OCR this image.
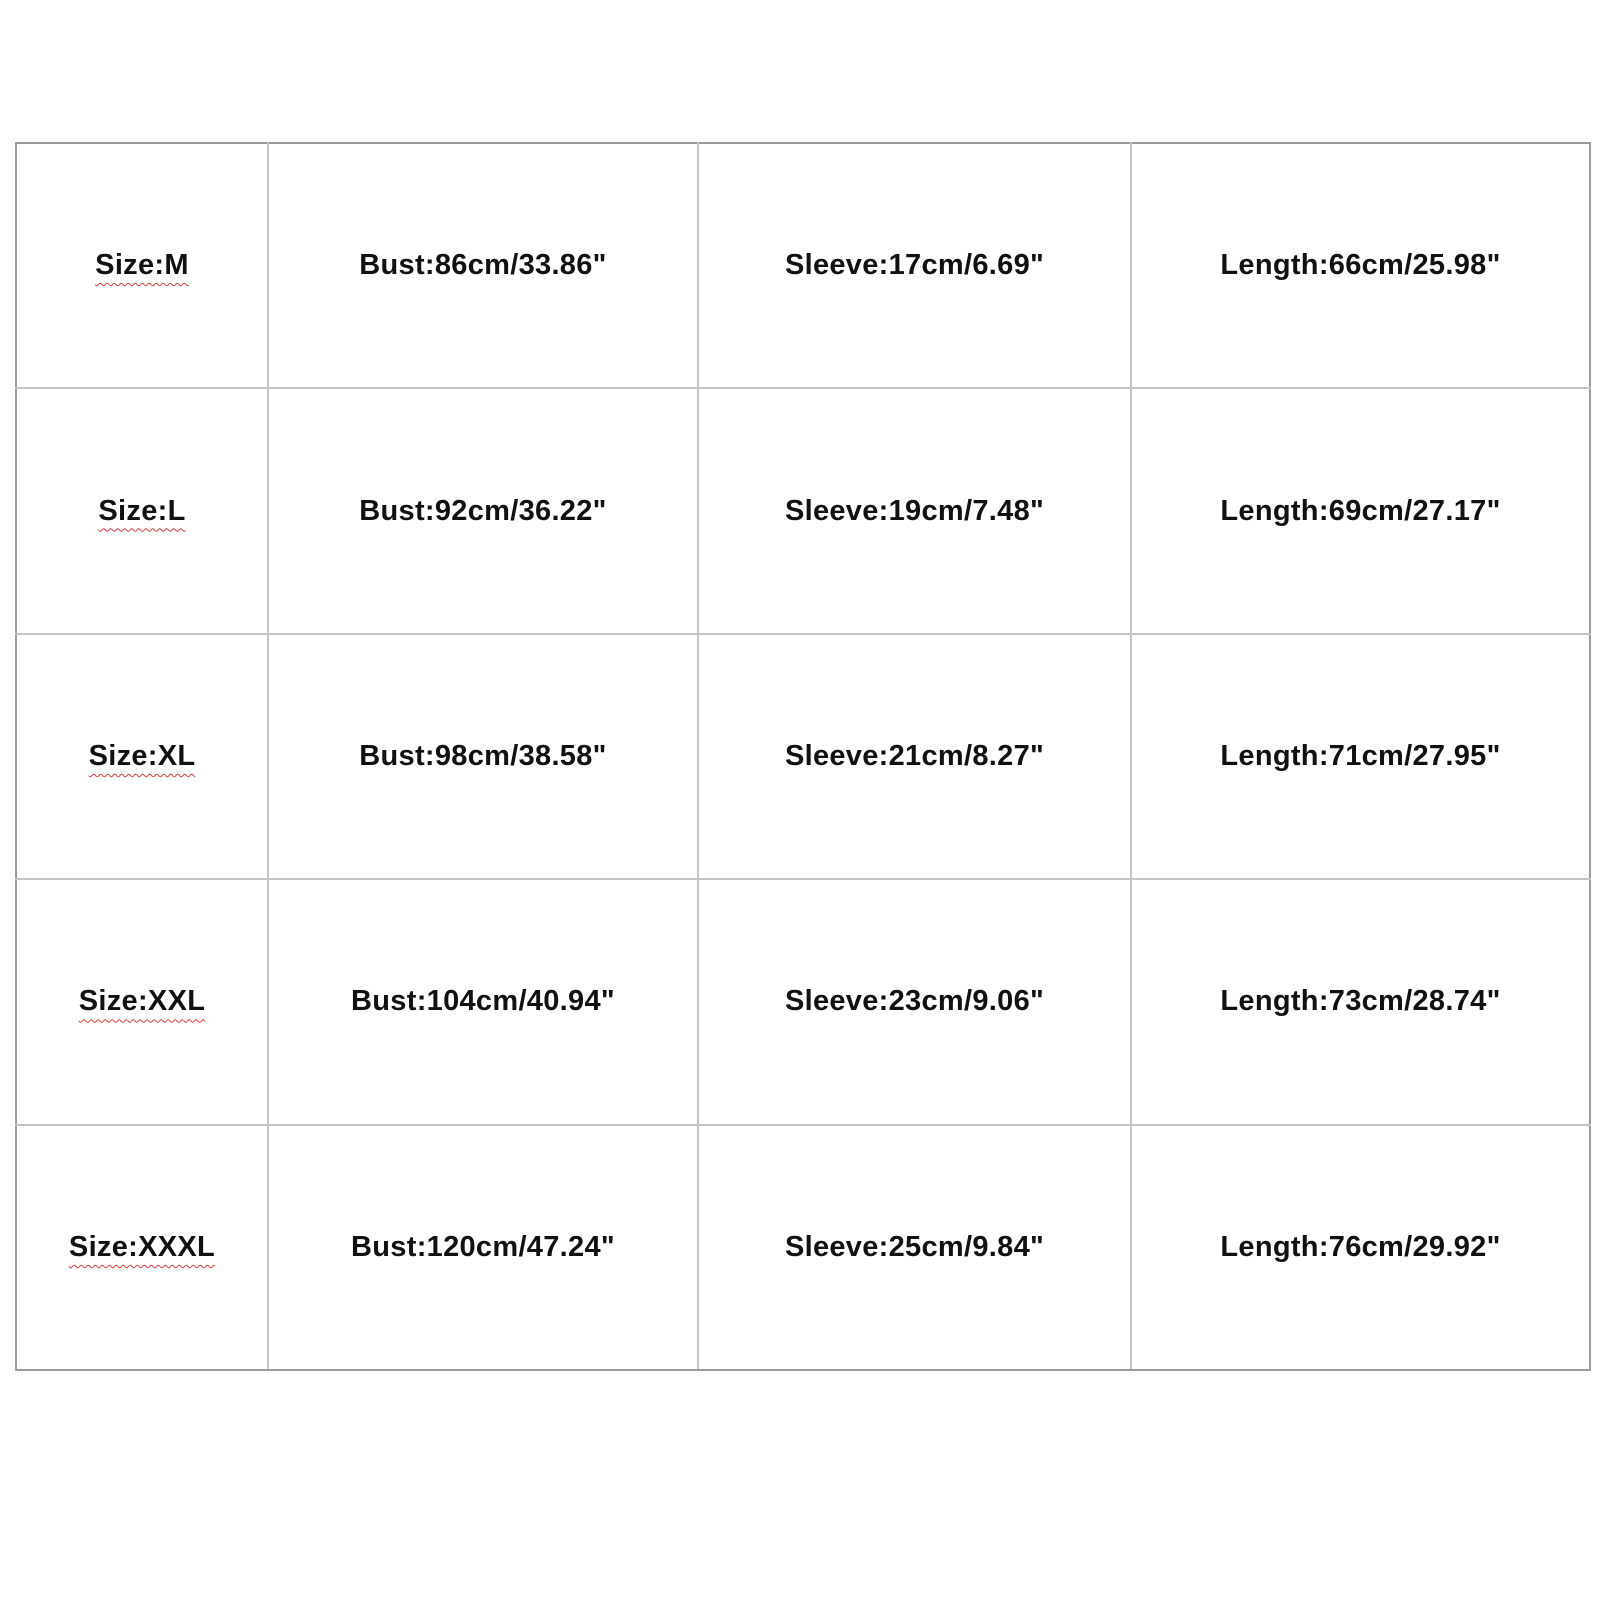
Size:M	Bust:86cm/33.86"	Sleeve:17cm/6.69"	Length:66cm/25.98"
Size:L	Bust:92cm/36.22"	Sleeve:19cm/7.48"	Length:69cm/27.17"
Size:XL	Bust:98cm/38.58"	Sleeve:21cm/8.27"	Length:71cm/27.95"
Size:XXL	Bust:104cm/40.94"	Sleeve:23cm/9.06"	Length:73cm/28.74"
Size:XXXL	Bust:120cm/47.24"	Sleeve:25cm/9.84"	Length:76cm/29.92"
